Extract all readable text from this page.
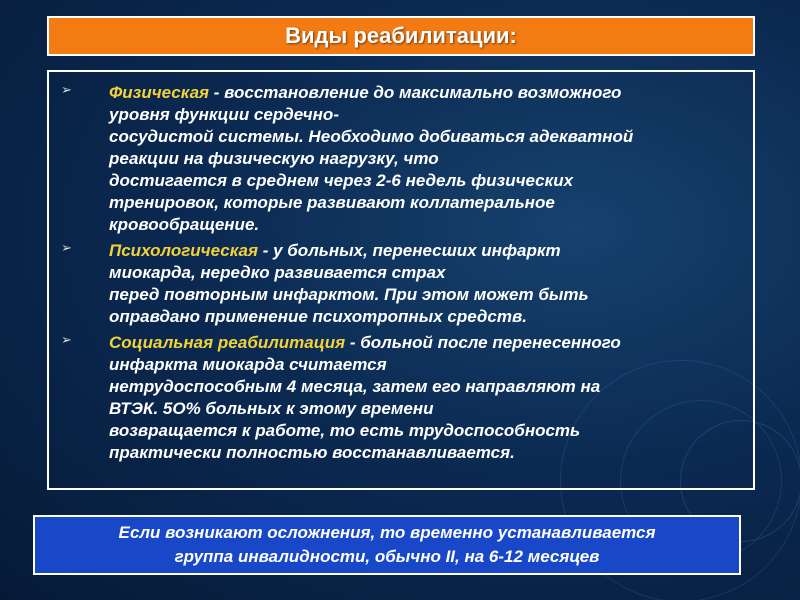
Виды реабилитации:
➢ Физическая - восстановление до максимально возможного
уровня функции сердечно-
сосудистой системы. Необходимо добиваться адекватной
реакции на физическую нагрузку, что
достигается в среднем через 2-6 недель физических
тренировок, которые развивают коллатеральное
кровообращение.
➢ Психологическая - у больных, перенесших инфаркт
миокарда, нередко развивается страх
перед повторным инфарктом. При этом может быть
оправдано применение психотропных средств.
➢ Социальная реабилитация - больной после перенесенного
инфаркта миокарда считается
нетрудоспособным 4 месяца, затем его направляют на
ВТЭК. 5О% больных к этому времени
возвращается к работе, то есть трудоспособность
практически полностью восстанавливается.
Если возникают осложнения, то временно устанавливается
группа инвалидности, обычно II, на 6-12 месяцев
